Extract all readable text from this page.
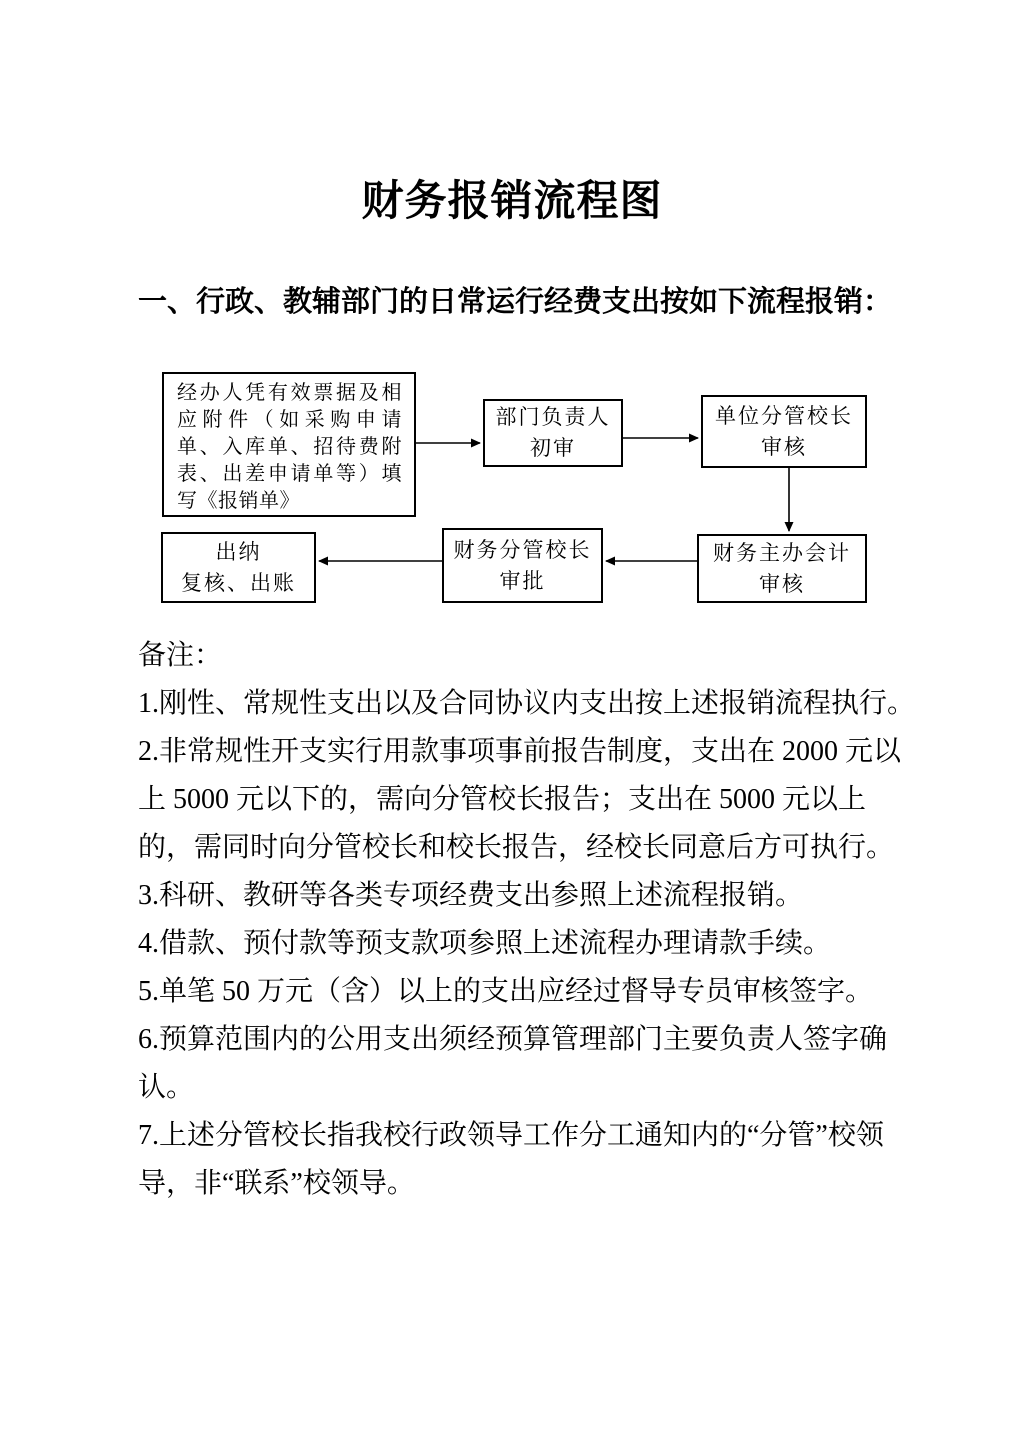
财务报销流程图
一、行政、教辅部门的日常运行经费支出按如下流程报销：
经办人凭有效票据及相应附件（如采购申请单、入库单、招待费附表、出差申请单等）填写《报销单》
部门负责人
初审
单位分管校长
审核
财务主办会计
审核
财务分管校长
审批
出纳
复核、出账

备注：

1.刚性、常规性支出以及合同协议内支出按上述报销流程执行。

2.非常规性开支实行用款事项事前报告制度，支出在 2000 元以上 5000 元以下的，需向分管校长报告；支出在 5000 元以上的，需同时向分管校长和校长报告，经校长同意后方可执行。

3.科研、教研等各类专项经费支出参照上述流程报销。

4.借款、预付款等预支款项参照上述流程办理请款手续。

5.单笔 50 万元（含）以上的支出应经过督导专员审核签字。

6.预算范围内的公用支出须经预算管理部门主要负责人签字确认。

7.上述分管校长指我校行政领导工作分工通知内的“分管”校领导，非“联系”校领导。
